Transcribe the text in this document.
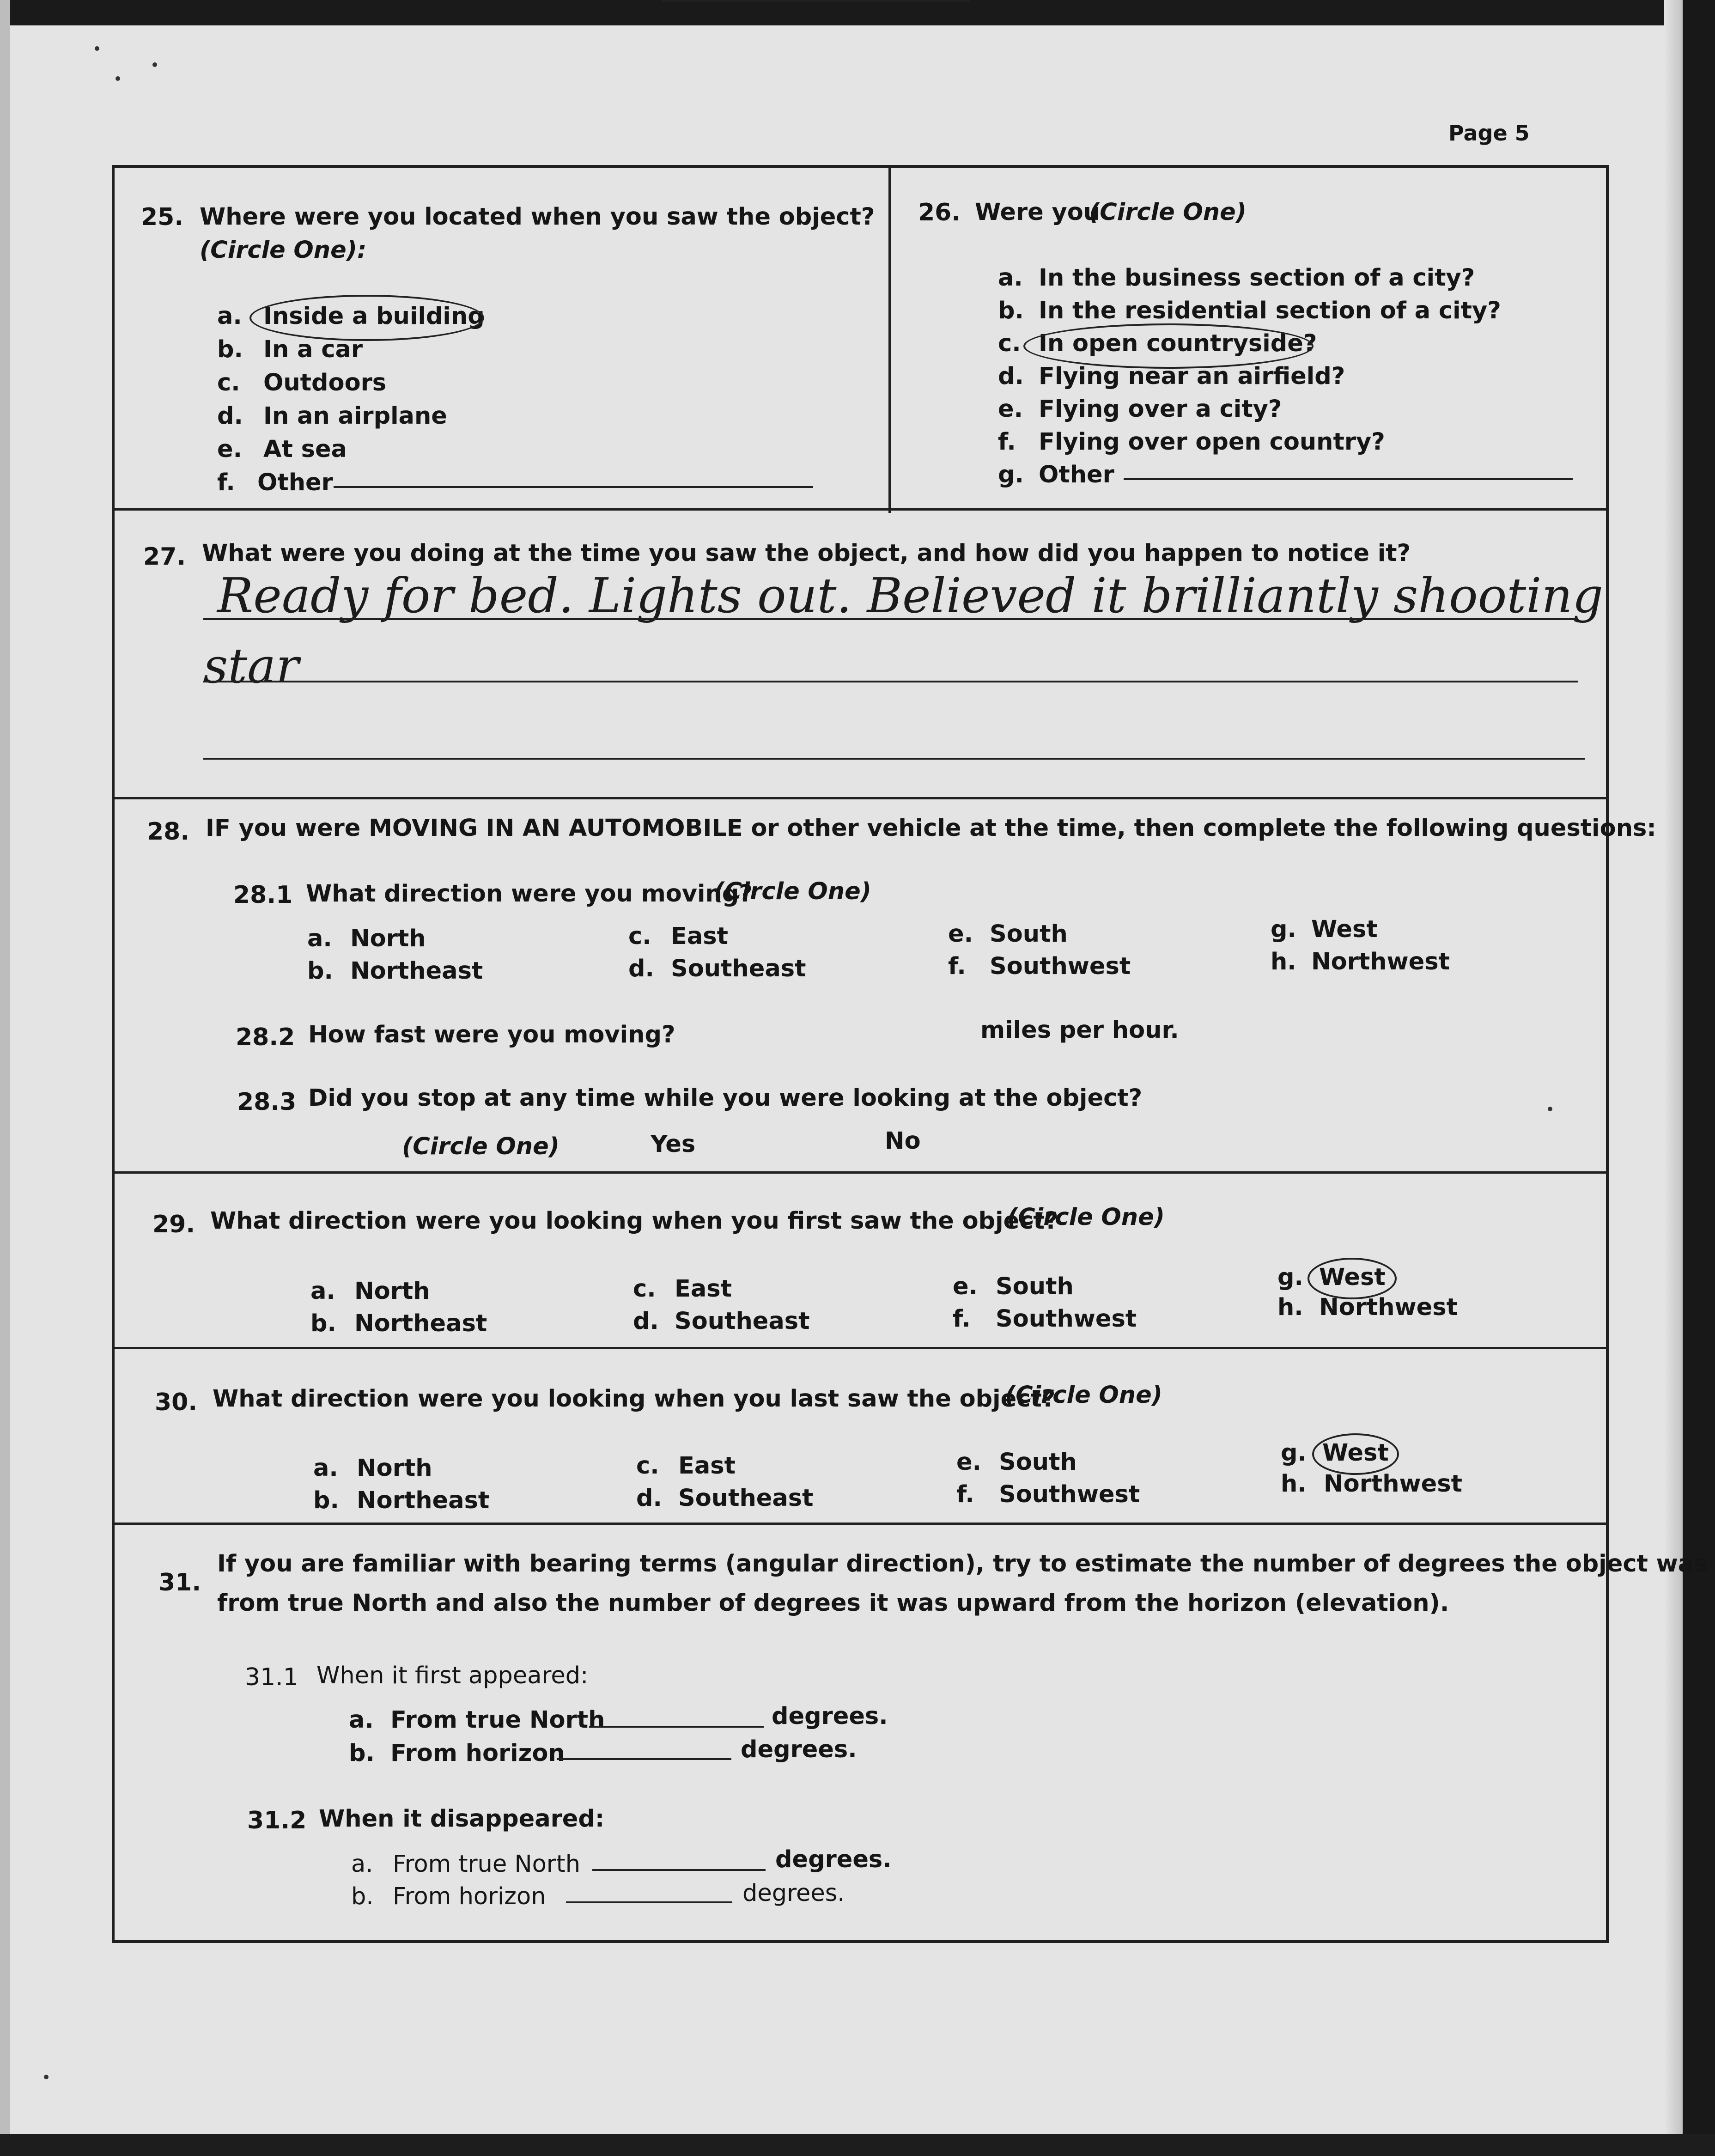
Page 5
25. Where were you located when you saw the object?
(Circle One):
a. Inside a building
b. In a car
c. Outdoors
d. In an airplane
e. At sea
f. Other
26. Were you
(Circle One)
a. In the business section of a city?
b. In the residential section of a city?
c. In open countryside?
d. Flying near an airfield?
e. Flying over a city?
f. Flying over open country?
g. Other
27. What were you doing at the time you saw the object, and how did you happen to notice it?
Ready for bed. Lights out. Believed it brilliantly shooting
star
28. IF you were MOVING IN AN AUTOMOBILE or other vehicle at the time, then complete the following questions:
28.1 What direction were you moving?
(Circle One)
a. North
b. Northeast
c. East
d. Southeast
e. South
f. Southwest
g. West
h. Northwest
28.2 How fast were you moving?	miles per hour.
28.3 Did you stop at any time while you were looking at the object?
(Circle One)	Yes	No
29. What direction were you looking when you first saw the object?
(Circle One)
a. North
b. Northeast
c. East
d. Southeast
e. South
f. Southwest
g. West
h. Northwest
30. What direction were you looking when you last saw the object?
(Circle One)
a. North
b. Northeast
c. East
d. Southeast
e. South
f. Southwest
g. West
h. Northwest
31.
If you are familiar with bearing terms (angular direction), try to estimate the number of degrees the object was
from true North and also the number of degrees it was upward from the horizon (elevation).
31.1 When it first appeared:
a. From true North	degrees.
b. From horizon	degrees.
31.2 When it disappeared:
a. From true North	degrees.
b. From horizon	degrees.
